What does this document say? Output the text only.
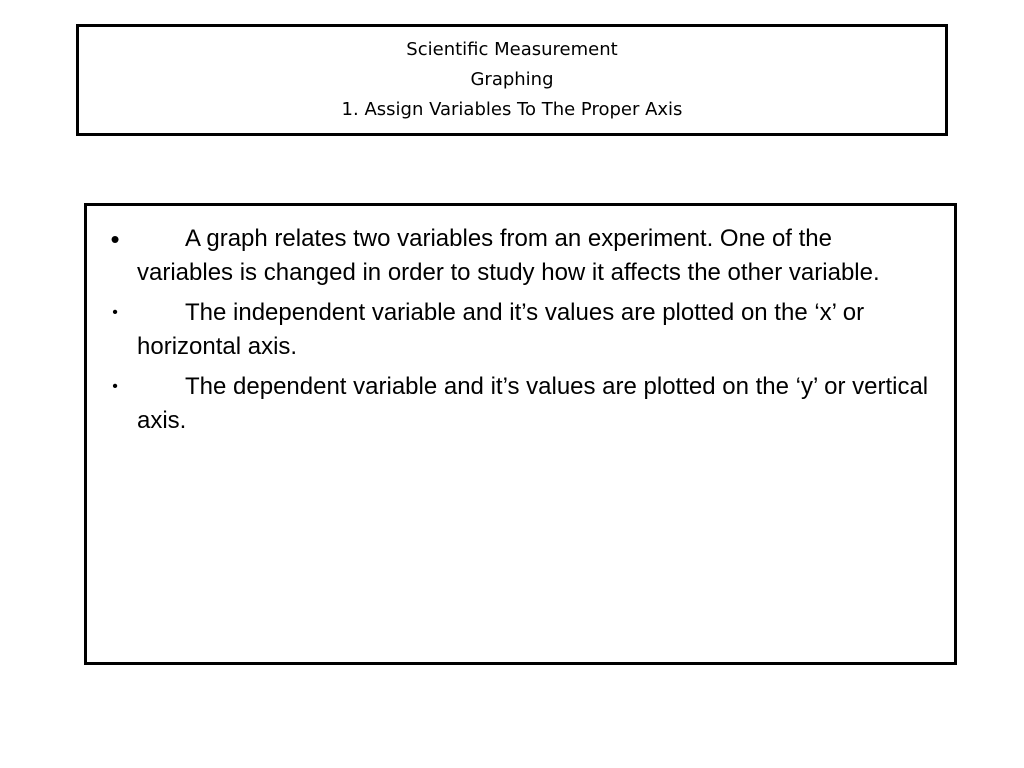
Scientific Measurement
Graphing
1. Assign Variables To The Proper Axis
•	A graph relates two variables from an experiment. One of the variables is changed in order to study how it affects the other variable.
•	The independent variable and it’s values are plotted on the ‘x’ or horizontal axis.
•	The dependent variable and it’s values are plotted on the ‘y’ or vertical axis.
